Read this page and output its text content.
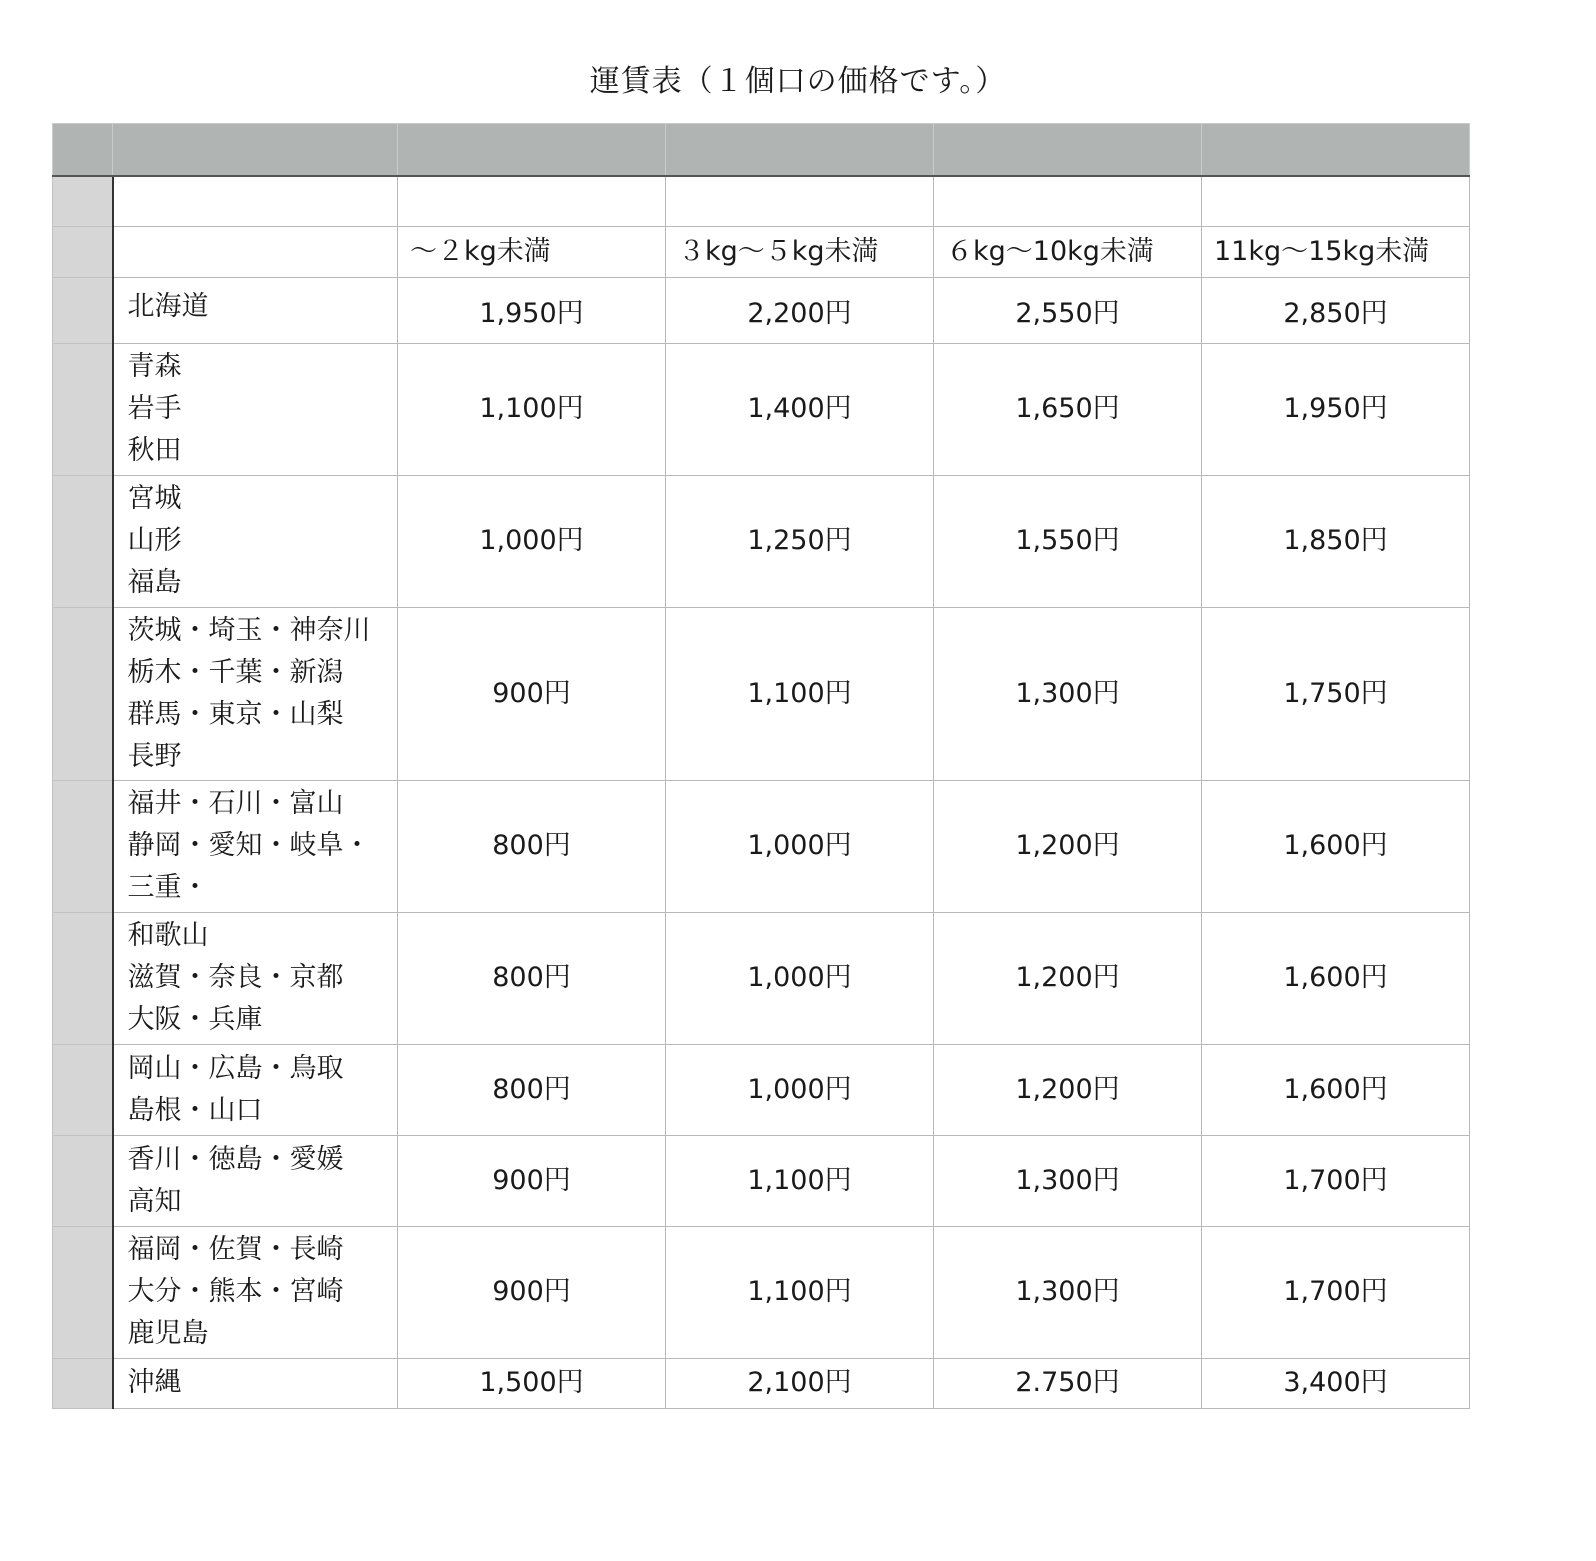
運賃表（１個口の価格です。）

		～２kg未満	３kg～５kg未満	６kg～10kg未満	11kg～15kg未満

	北海道	1,950円	2,200円	2,550円	2,850円

	青森
岩手
秋田	1,100円	1,400円	1,650円	1,950円

	宮城
山形
福島	1,000円	1,250円	1,550円	1,850円

	茨城・埼玉・神奈川
栃木・千葉・新潟
群馬・東京・山梨
長野	900円	1,100円	1,300円	1,750円

	福井・石川・富山
静岡・愛知・岐阜・
三重・	800円	1,000円	1,200円	1,600円

	和歌山
滋賀・奈良・京都
大阪・兵庫	800円	1,000円	1,200円	1,600円

	岡山・広島・鳥取
島根・山口	800円	1,000円	1,200円	1,600円

	香川・徳島・愛媛
高知	900円	1,100円	1,300円	1,700円

	福岡・佐賀・長崎
大分・熊本・宮崎
鹿児島	900円	1,100円	1,300円	1,700円

	沖縄	1,500円	2,100円	2.750円	3,400円
